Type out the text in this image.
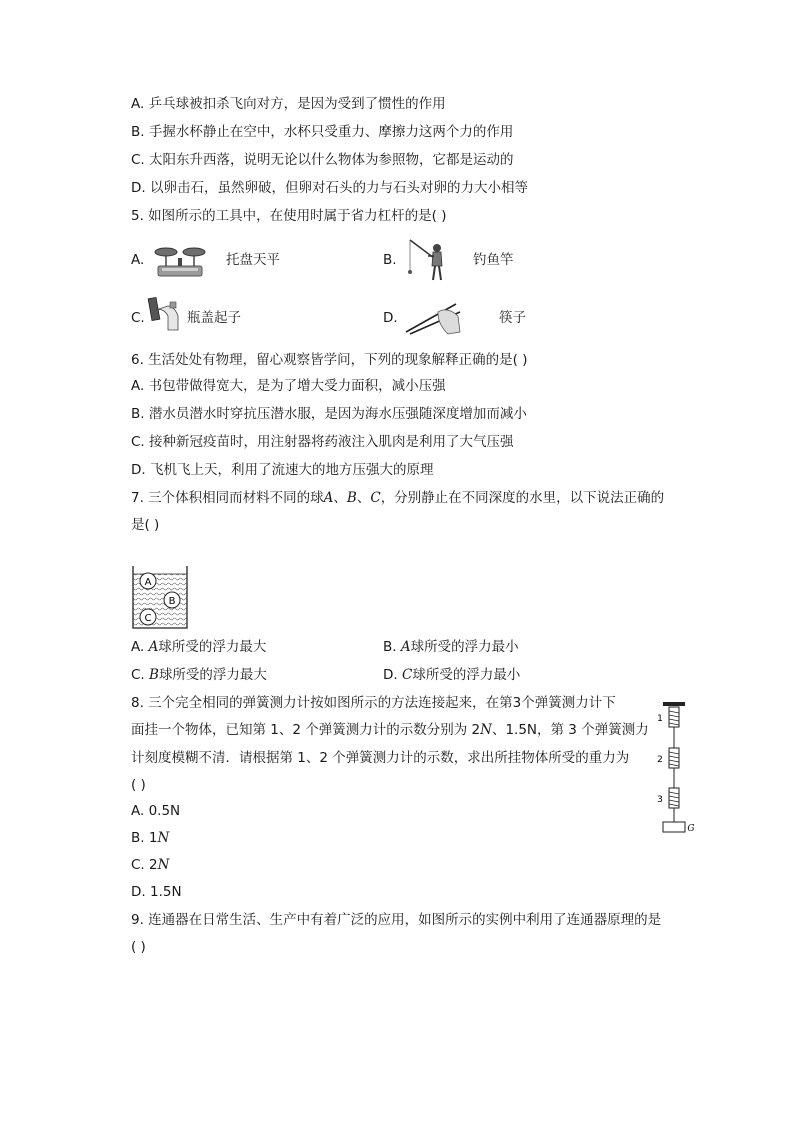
A. 乒乓球被扣杀飞向对方，是因为受到了惯性的作用
B. 手握水杯静止在空中，水杯只受重力、摩擦力这两个力的作用
C. 太阳东升西落，说明无论以什么物体为参照物，它都是运动的
D. 以卵击石，虽然卵破，但卵对石头的力与石头对卵的力大小相等
5. 如图所示的工具中，在使用时属于省力杠杆的是( )
A.	托盘天平	B.	钓鱼竿
C.	瓶盖起子	D.	筷子
6. 生活处处有物理，留心观察皆学问，下列的现象解释正确的是( )
A. 书包带做得宽大，是为了增大受力面积，减小压强
B. 潜水员潜水时穿抗压潜水服，是因为海水压强随深度增加而减小
C. 接种新冠疫苗时，用注射器将药液注入肌肉是利用了大气压强
D. 飞机飞上天，利用了流速大的地方压强大的原理
7. 三个体积相同而材料不同的球A、B、C，分别静止在不同深度的水里，以下说法正确的
是( )
A
B
C
A. A球所受的浮力最大	B. A球所受的浮力最小
C. B球所受的浮力最大	D. C球所受的浮力最小
8. 三个完全相同的弹簧测力计按如图所示的方法连接起来，在第3个弹簧测力计下
面挂一个物体，已知第 1、2 个弹簧测力计的示数分别为 2N、1.5N，第 3 个弹簧测力
计刻度模糊不清．请根据第 1、2 个弹簧测力计的示数，求出所挂物体所受的重力为
( )
A. 0.5N
B. 1N
C. 2N
D. 1.5N
1
2
3
G
9. 连通器在日常生活、生产中有着广泛的应用，如图所示的实例中利用了连通器原理的是
( )
